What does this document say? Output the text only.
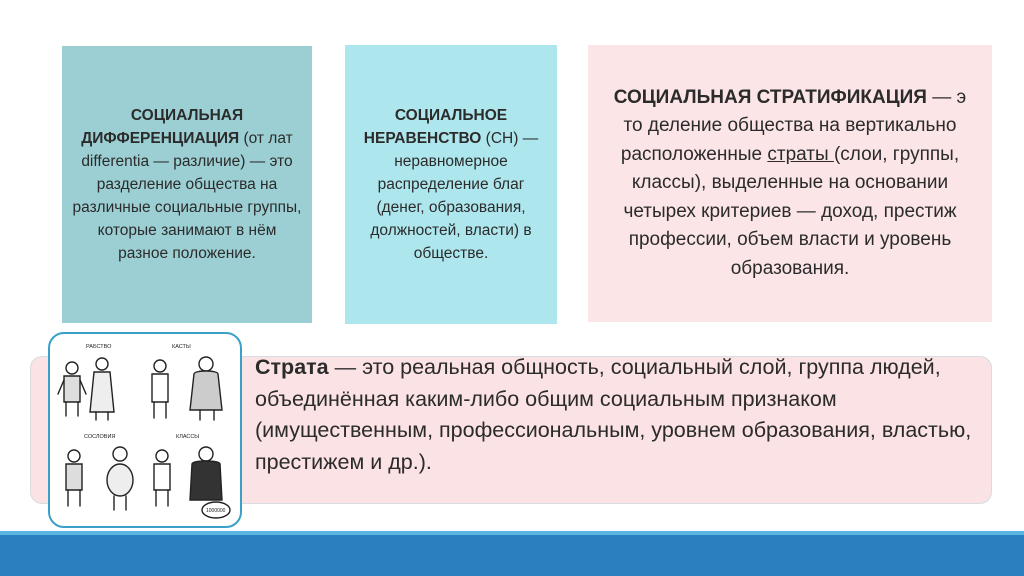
СОЦИАЛЬНАЯ ДИФФЕРЕНЦИАЦИЯ (от лат differentia — различие) — это разделение общества на различные социальные группы, которые занимают в нём разное положение.
СОЦИАЛЬНОЕ НЕРАВЕНСТВО (СН) — неравномерное распределение благ (денег, образования, должностей, власти) в обществе.
СОЦИАЛЬНАЯ СТРАТИФИКАЦИЯ — э то деление общества на вертикально расположенные страты (слои, группы, классы), выделенные на основании четырех критериев — доход, престиж профессии, объем власти и уровень образования.
Страта — это реальная общность, социальный слой, группа людей, объединённая каким-либо общим социальным признаком (имущественным, профессиональным, уровнем образования, властью, престижем и др.).
РАБСТВО	КАСТЫ
СОСЛОВИЯ	КЛАССЫ
1000000
